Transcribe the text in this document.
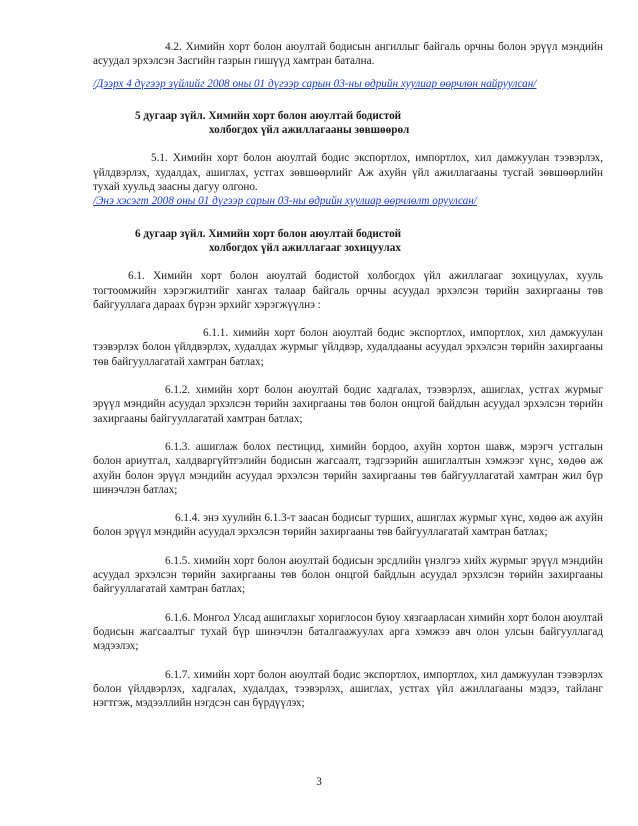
4.2. Химийн хорт болон аюултай бодисын ангиллыг байгаль орчны болон эрүүл мэндийн асуудал эрхэлсэн Засгийн газрын гишүүд хамтран батална.

/Дээрх 4 дүгээр зүйлийг 2008 оны 01 дүгээр сарын 03-ны өдрийн хуулиар өөрчлөн найруулсан/

5 дугаар зүйл. Химийн хорт болон аюултай бодистой
холбогдох үйл ажиллагааны зөвшөөрөл

5.1. Химийн хорт болон аюултай бодис экспортлох, импортлох, хил дамжуулан тээвэрлэх, үйлдвэрлэх, худалдах, ашиглах, устгах зөвшөөрлийг Аж ахуйн үйл ажиллагааны тусгай зөвшөөрлийн тухай хуульд заасны дагуу олгоно.

/Энэ хэсэгт 2008 оны 01 дүгээр сарын 03-ны өдрийн хуулиар өөрчлөлт оруулсан/

6 дугаар зүйл. Химийн хорт болон аюултай бодистой
холбогдох үйл ажиллагааг зохицуулах

6.1. Химийн хорт болон аюултай бодистой холбогдох үйл ажиллагааг зохицуулах, хууль тогтоомжийн хэрэгжилтийг хангах талаар байгаль орчны асуудал эрхэлсэн төрийн захиргааны төв байгууллага дараах бүрэн эрхийг хэрэгжүүлнэ :

6.1.1. химийн хорт болон аюултай бодис экспортлох, импортлох, хил дамжуулан тээвэрлэх болон үйлдвэрлэх, худалдах журмыг үйлдвэр, худалдааны асуудал эрхэлсэн төрийн захиргааны төв байгууллагатай хамтран батлах;

6.1.2. химийн хорт болон аюултай бодис хадгалах, тээвэрлэх, ашиглах, устгах журмыг эрүүл мэндийн асуудал эрхэлсэн төрийн захиргааны төв болон онцгой байдлын асуудал эрхэлсэн төрийн захиргааны байгууллагатай хамтран батлах;

6.1.3. ашиглаж болох пестицид, химийн бордоо, ахуйн хортон шавж, мэрэгч устгалын болон ариутгал, халдваргүйтгэлийн бодисын жагсаалт, тэдгээрийн ашиглалтын хэмжээг хүнс, хөдөө аж ахуйн болон эрүүл мэндийн асуудал эрхэлсэн төрийн захиргааны төв байгууллагатай хамтран жил бүр шинэчлэн батлах;

6.1.4. энэ хуулийн 6.1.3-т заасан бодисыг турших, ашиглах журмыг хүнс, хөдөө аж ахуйн болон эрүүл мэндийн асуудал эрхэлсэн төрийн захиргааны төв байгууллагатай хамтран батлах;

6.1.5. химийн хорт болон аюултай бодисын эрсдлийн үнэлгээ хийх журмыг эрүүл мэндийн асуудал эрхэлсэн төрийн захиргааны төв болон онцгой байдлын асуудал эрхэлсэн төрийн захиргааны байгууллагатай хамтран батлах;

6.1.6. Монгол Улсад ашиглахыг хориглосон буюу хязгаарласан химийн хорт болон аюултай бодисын жагсаалтыг тухай бүр шинэчлэн баталгаажуулах арга хэмжээ авч олон улсын байгууллагад мэдээлэх;

6.1.7. химийн хорт болон аюултай бодис экспортлох, импортлох, хил дамжуулан тээвэрлэх болон үйлдвэрлэх, хадгалах, худалдах, тээвэрлэх, ашиглах, устгах үйл ажиллагааны мэдээ, тайланг нэгтгэж, мэдээллийн нэгдсэн сан бүрдүүлэх;

3
